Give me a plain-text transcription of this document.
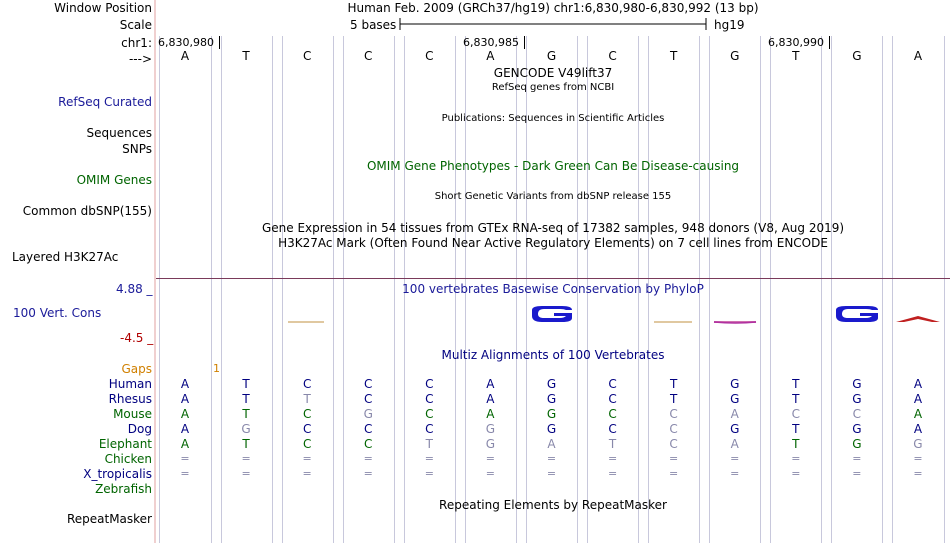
Window Position	Human Feb. 2009 (GRCh37/hg19) chr1:6,830,980-6,830,992 (13 bp)
Scale	5 bases	hg19
chr1: 6,830,980	6,830,985	6,830,990
--->	A	T	C	C	C	A	G	C	T	G	T	G	A
GENCODE V49lift37
RefSeq genes from NCBI
RefSeq Curated
Publications: Sequences in Scientific Articles
Sequences
SNPs
OMIM Gene Phenotypes - Dark Green Can Be Disease-causing
OMIM Genes
Short Genetic Variants from dbSNP release 155
Common dbSNP(155)
Gene Expression in 54 tissues from GTEx RNA-seq of 17382 samples, 948 donors (V8, Aug 2019)
H3K27Ac Mark (Often Found Near Active Regulatory Elements) on 7 cell lines from ENCODE
Layered H3K27Ac
4.88 _	100 vertebrates Basewise Conservation by PhyloP
100 Vert. Cons
-4.5 _
Multiz Alignments of 100 Vertebrates
Gaps	1
Human	A	T	C	C	C	A	G	C	T	G	T	G	A
Rhesus	A	T	T	C	C	A	G	C	T	G	T	G	A
Mouse	A	T	C	G	C	A	G	C	C	A	C	C	A
Dog	A	G	C	C	C	G	G	C	C	G	T	G	A
Elephant	A	T	C	C	T	G	A	T	C	A	T	G	G
Chicken	=	=	=	=	=	=	=	=	=	=	=	=	=
X_tropicalis	=	=	=	=	=	=	=	=	=	=	=	=	=
Zebrafish
Repeating Elements by RepeatMasker
RepeatMasker
